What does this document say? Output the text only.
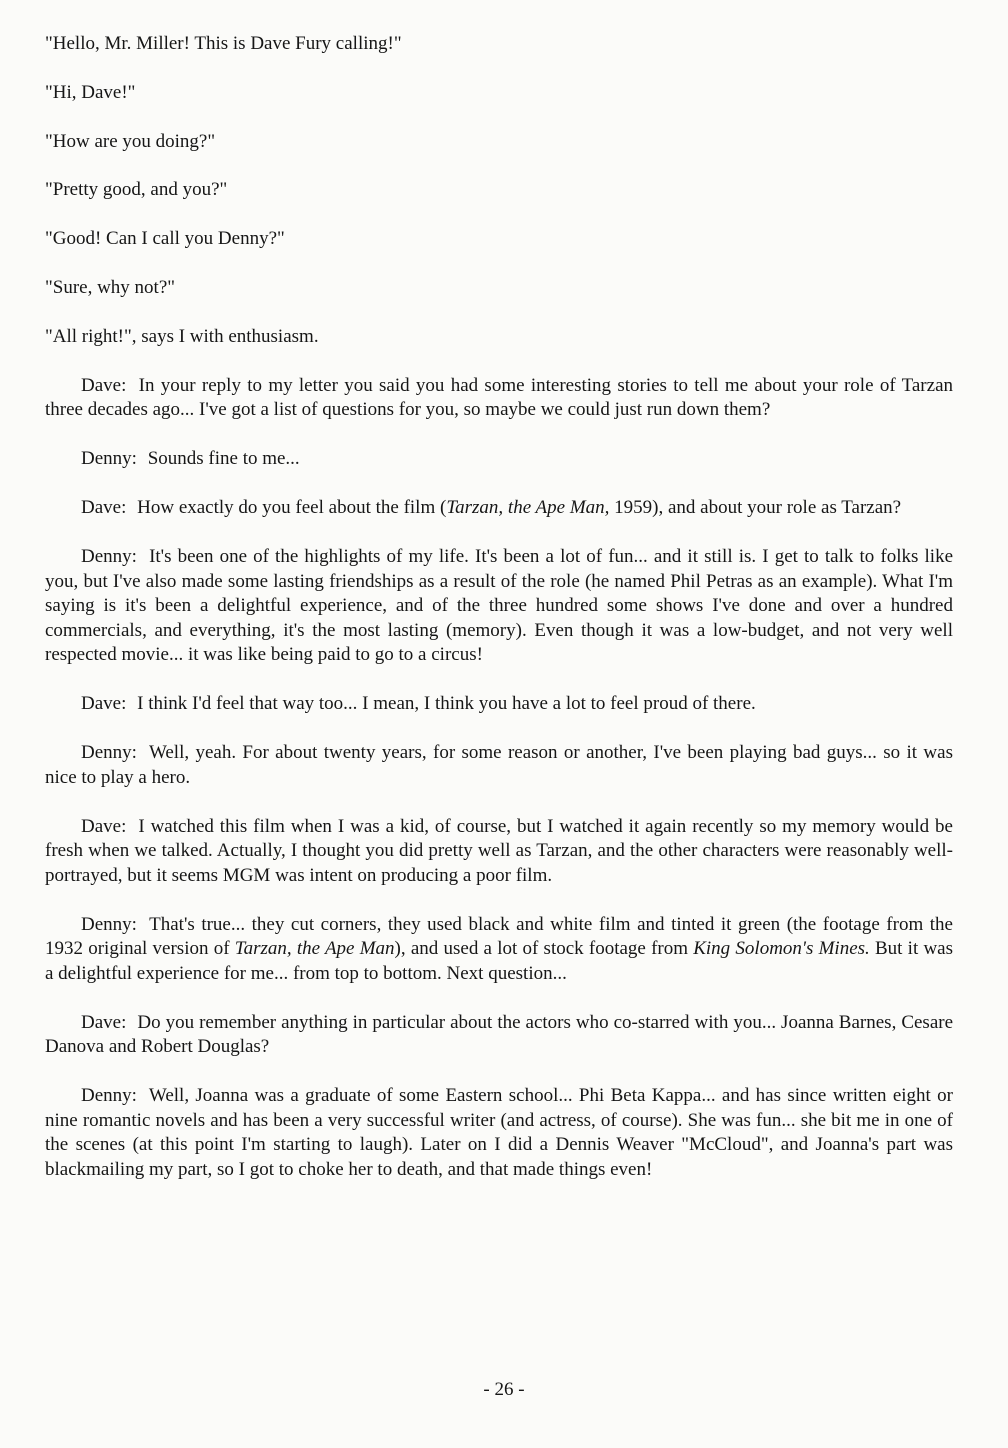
"Hello, Mr. Miller! This is Dave Fury calling!"

"Hi, Dave!"

"How are you doing?"

"Pretty good, and you?"

"Good! Can I call you Denny?"

"Sure, why not?"

"All right!", says I with enthusiasm.

Dave: In your reply to my letter you said you had some interesting stories to tell me about your role of Tarzan three decades ago... I've got a list of questions for you, so maybe we could just run down them?

Denny: Sounds fine to me...

Dave: How exactly do you feel about the film (Tarzan, the Ape Man, 1959), and about your role as Tarzan?

Denny: It's been one of the highlights of my life. It's been a lot of fun... and it still is. I get to talk to folks like you, but I've also made some lasting friendships as a result of the role (he named Phil Petras as an example). What I'm saying is it's been a delightful experience, and of the three hundred some shows I've done and over a hundred commercials, and everything, it's the most lasting (memory). Even though it was a low-budget, and not very well respected movie... it was like being paid to go to a circus!

Dave: I think I'd feel that way too... I mean, I think you have a lot to feel proud of there.

Denny: Well, yeah. For about twenty years, for some reason or another, I've been playing bad guys... so it was nice to play a hero.

Dave: I watched this film when I was a kid, of course, but I watched it again recently so my memory would be fresh when we talked. Actually, I thought you did pretty well as Tarzan, and the other characters were reasonably well-portrayed, but it seems MGM was intent on producing a poor film.

Denny: That's true... they cut corners, they used black and white film and tinted it green (the footage from the 1932 original version of Tarzan, the Ape Man), and used a lot of stock footage from King Solomon's Mines. But it was a delightful experience for me... from top to bottom. Next question...

Dave: Do you remember anything in particular about the actors who co-starred with you... Joanna Barnes, Cesare Danova and Robert Douglas?

Denny: Well, Joanna was a graduate of some Eastern school... Phi Beta Kappa... and has since written eight or nine romantic novels and has been a very successful writer (and actress, of course). She was fun... she bit me in one of the scenes (at this point I'm starting to laugh). Later on I did a Dennis Weaver "McCloud", and Joanna's part was blackmailing my part, so I got to choke her to death, and that made things even!

- 26 -
